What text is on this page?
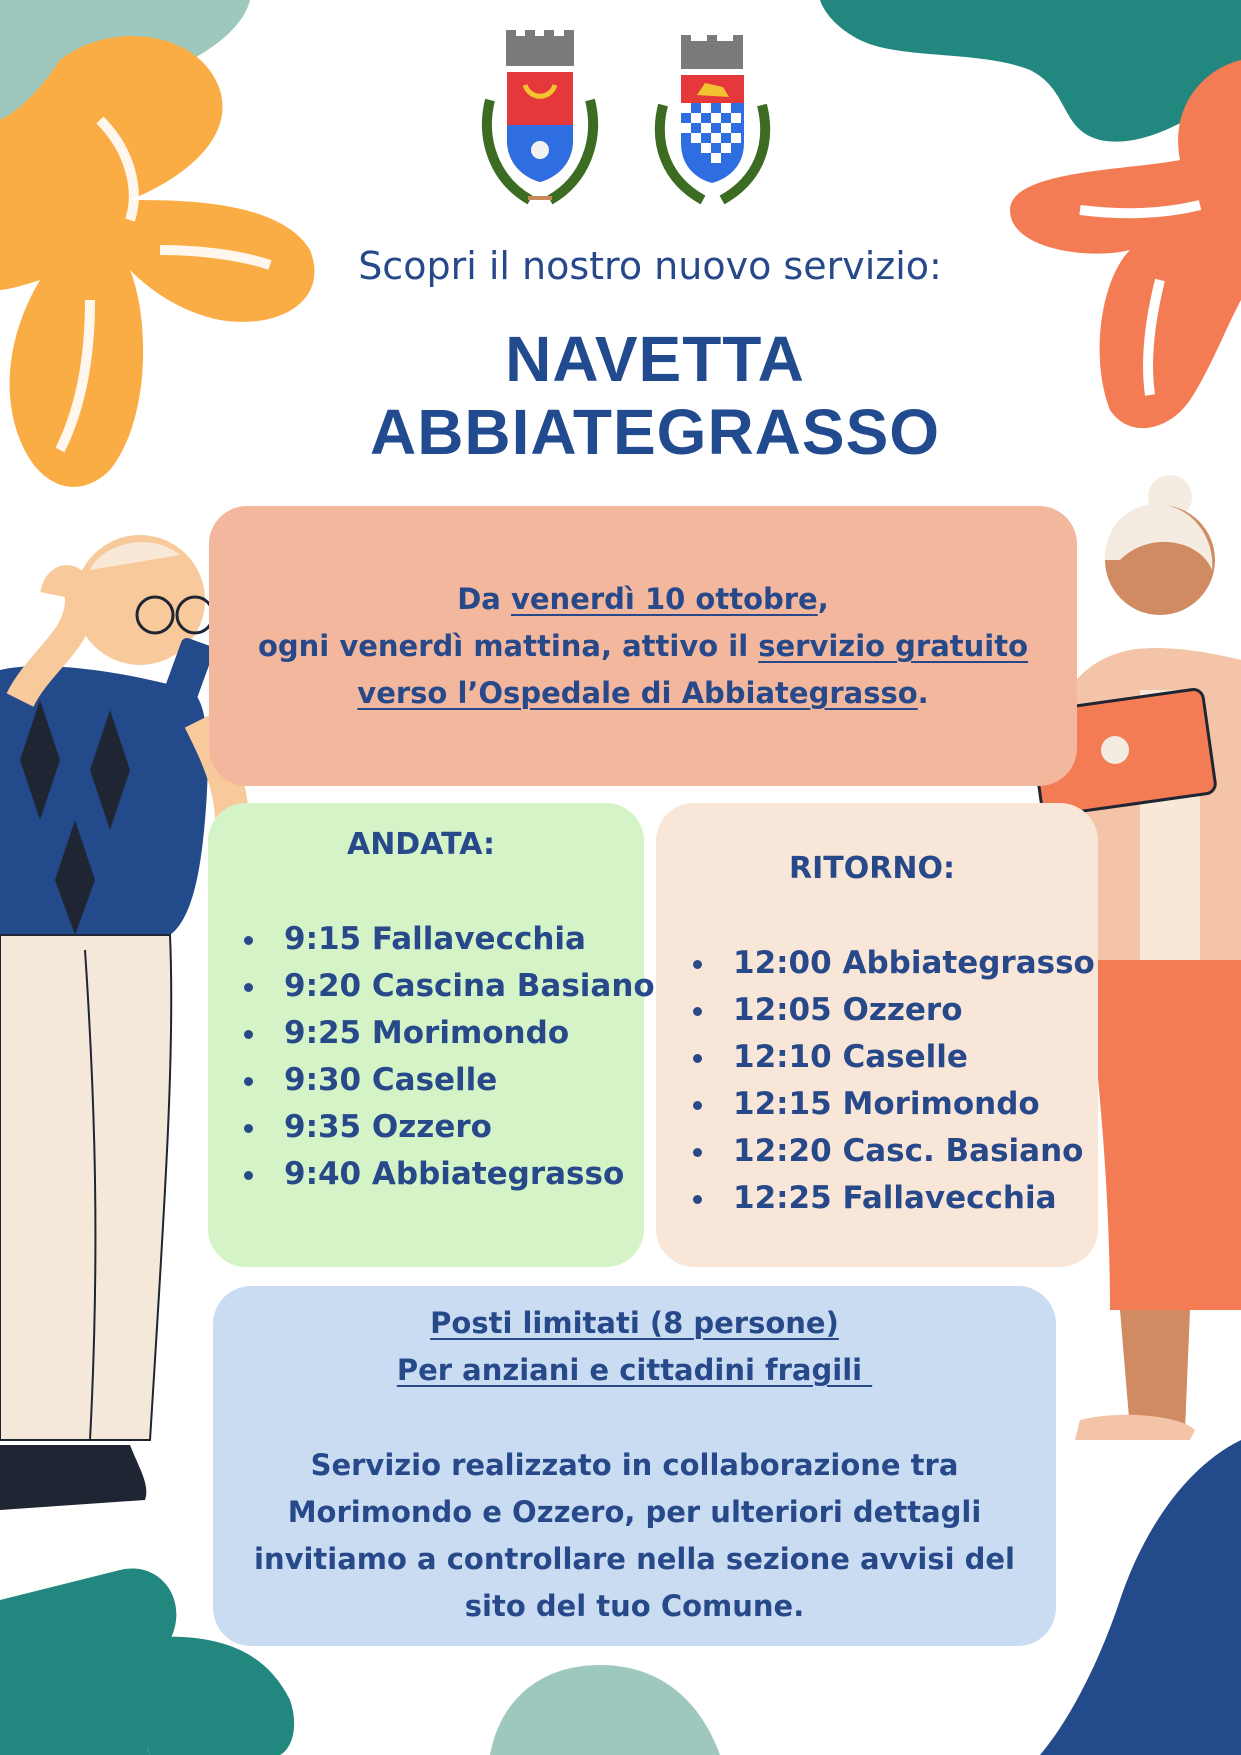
Scopri il nostro nuovo servizio:
NAVETTA
ABBIATEGRASSO
Da venerdì 10 ottobre,
ogni venerdì mattina, attivo il servizio gratuito
verso l’Ospedale di Abbiategrasso.
ANDATA:
9:15 Fallavecchia
9:20 Cascina Basiano
9:25 Morimondo
9:30 Caselle
9:35 Ozzero
9:40 Abbiategrasso
RITORNO:
12:00 Abbiategrasso
12:05 Ozzero
12:10 Caselle
12:15 Morimondo
12:20 Casc. Basiano
12:25 Fallavecchia
Posti limitati (8 persone)
Per anziani e cittadini fragili
Servizio realizzato in collaborazione tra
Morimondo e Ozzero, per ulteriori dettagli
invitiamo a controllare nella sezione avvisi del
sito del tuo Comune.
